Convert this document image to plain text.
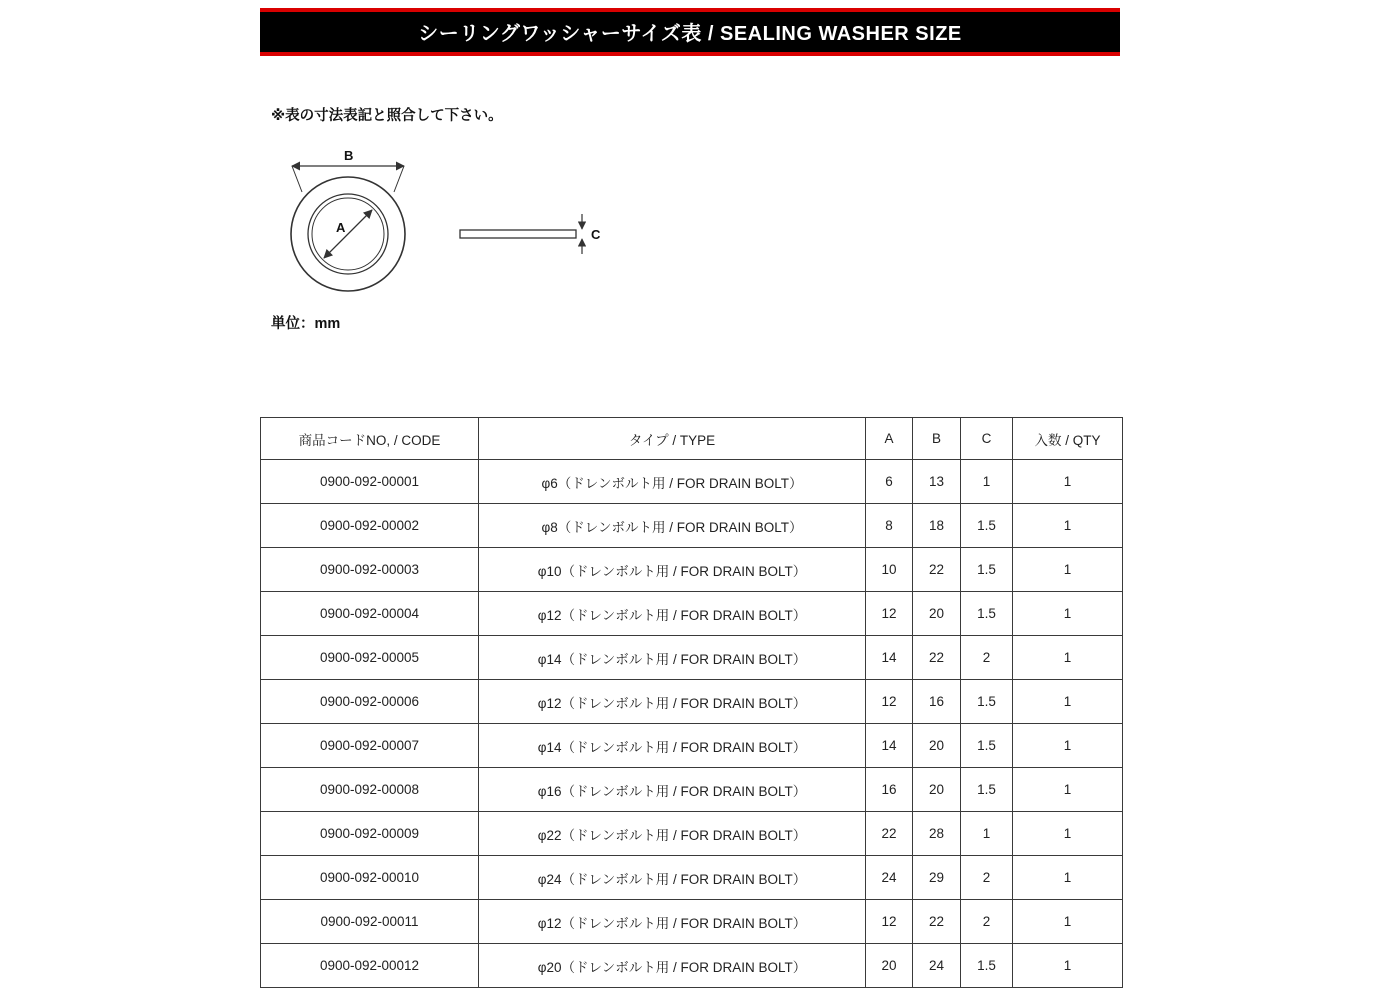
シーリングワッシャーサイズ表 / SEALING WASHER SIZE
※表の寸法表記と照合して下さい。
A
B
C
単位：mm
商品コードNO, / CODE	タイプ / TYPE	A	B	C	入数 / QTY
0900-092-00001	φ6（ドレンボルト用 / FOR DRAIN BOLT）	6	13	1	1
0900-092-00002	φ8（ドレンボルト用 / FOR DRAIN BOLT）	8	18	1.5	1
0900-092-00003	φ10（ドレンボルト用 / FOR DRAIN BOLT）	10	22	1.5	1
0900-092-00004	φ12（ドレンボルト用 / FOR DRAIN BOLT）	12	20	1.5	1
0900-092-00005	φ14（ドレンボルト用 / FOR DRAIN BOLT）	14	22	2	1
0900-092-00006	φ12（ドレンボルト用 / FOR DRAIN BOLT）	12	16	1.5	1
0900-092-00007	φ14（ドレンボルト用 / FOR DRAIN BOLT）	14	20	1.5	1
0900-092-00008	φ16（ドレンボルト用 / FOR DRAIN BOLT）	16	20	1.5	1
0900-092-00009	φ22（ドレンボルト用 / FOR DRAIN BOLT）	22	28	1	1
0900-092-00010	φ24（ドレンボルト用 / FOR DRAIN BOLT）	24	29	2	1
0900-092-00011	φ12（ドレンボルト用 / FOR DRAIN BOLT）	12	22	2	1
0900-092-00012	φ20（ドレンボルト用 / FOR DRAIN BOLT）	20	24	1.5	1
